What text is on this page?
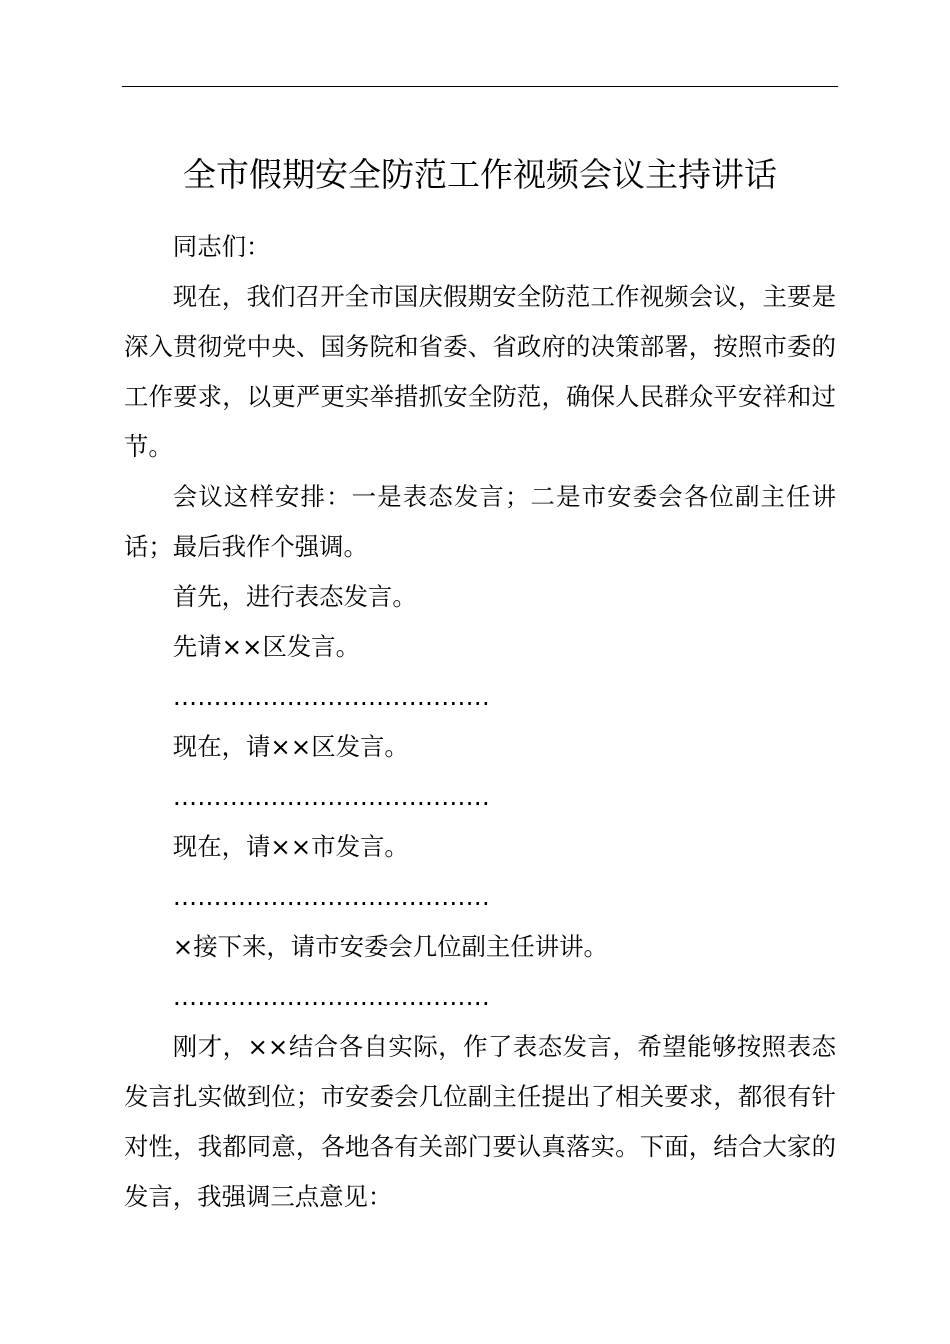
全市假期安全防范工作视频会议主持讲话

同志们：

现在，我们召开全市国庆假期安全防范工作视频会议，主要是深入贯彻党中央、国务院和省委、省政府的决策部署，按照市委的工作要求，以更严更实举措抓安全防范，确保人民群众平安祥和过节。

会议这样安排：一是表态发言；二是市安委会各位副主任讲话；最后我作个强调。

首先，进行表态发言。

先请××区发言。

…………………………………

现在，请××区发言。

…………………………………

现在，请××市发言。

…………………………………

×接下来，请市安委会几位副主任讲讲。

…………………………………

刚才，××结合各自实际，作了表态发言，希望能够按照表态发言扎实做到位；市安委会几位副主任提出了相关要求，都很有针对性，我都同意，各地各有关部门要认真落实。下面，结合大家的发言，我强调三点意见：
